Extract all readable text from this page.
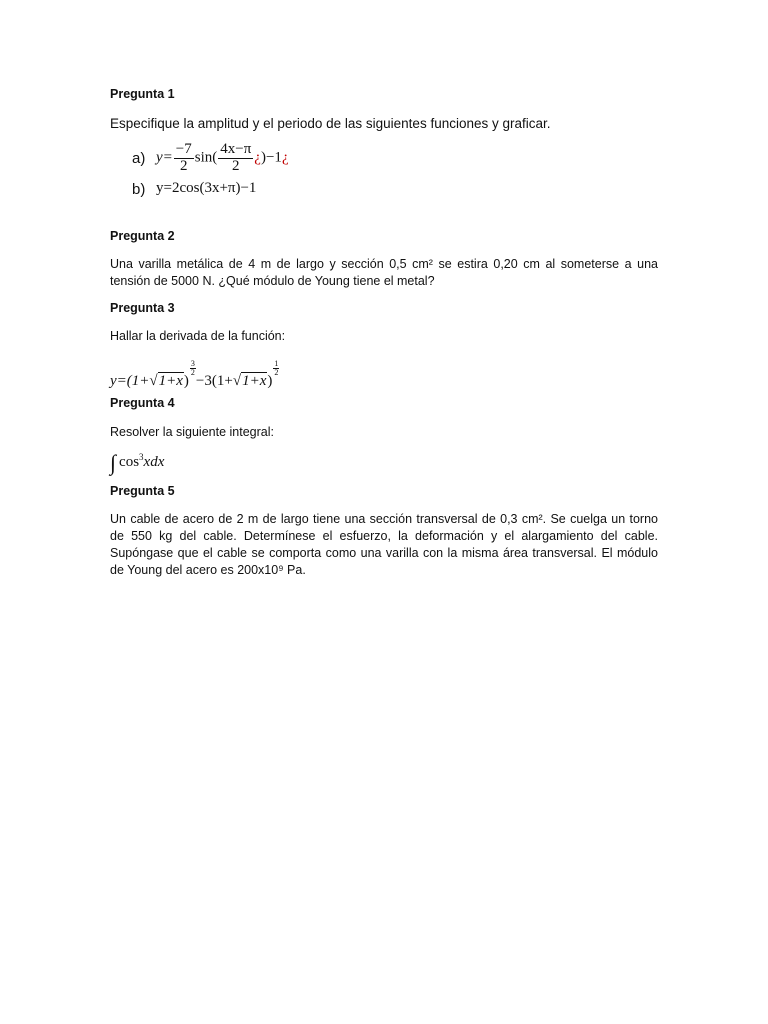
Pregunta 1
Especifique la amplitud y el periodo de las siguientes funciones y graficar.
a) $y= \frac{-7}{2} \sin( \frac{4x-\pi}{2}$ ¿)−1¿
b) y=2cos(3x+π)−1
Pregunta 2
Una varilla metálica de 4 m de largo y sección 0,5 cm² se estira 0,20 cm al someterse a una tensión de 5000 N. ¿Qué módulo de Young tiene el metal?
Pregunta 3
Hallar la derivada de la función:
y=(1+√1+x)
$\frac{3}{2}$
−3(1+√1+x)
$\frac{1}{2}$
Pregunta 4
Resolver la siguiente integral:
∫ $\cos^3xdx$
Pregunta 5
Un cable de acero de 2 m de largo tiene una sección transversal de 0,3 cm². Se cuelga un torno de 550 kg del cable. Determínese el esfuerzo, la deformación y el alargamiento del cable. Supóngase que el cable se comporta como una varilla con la misma área transversal. El módulo de Young del acero es 200x10⁹ Pa.
